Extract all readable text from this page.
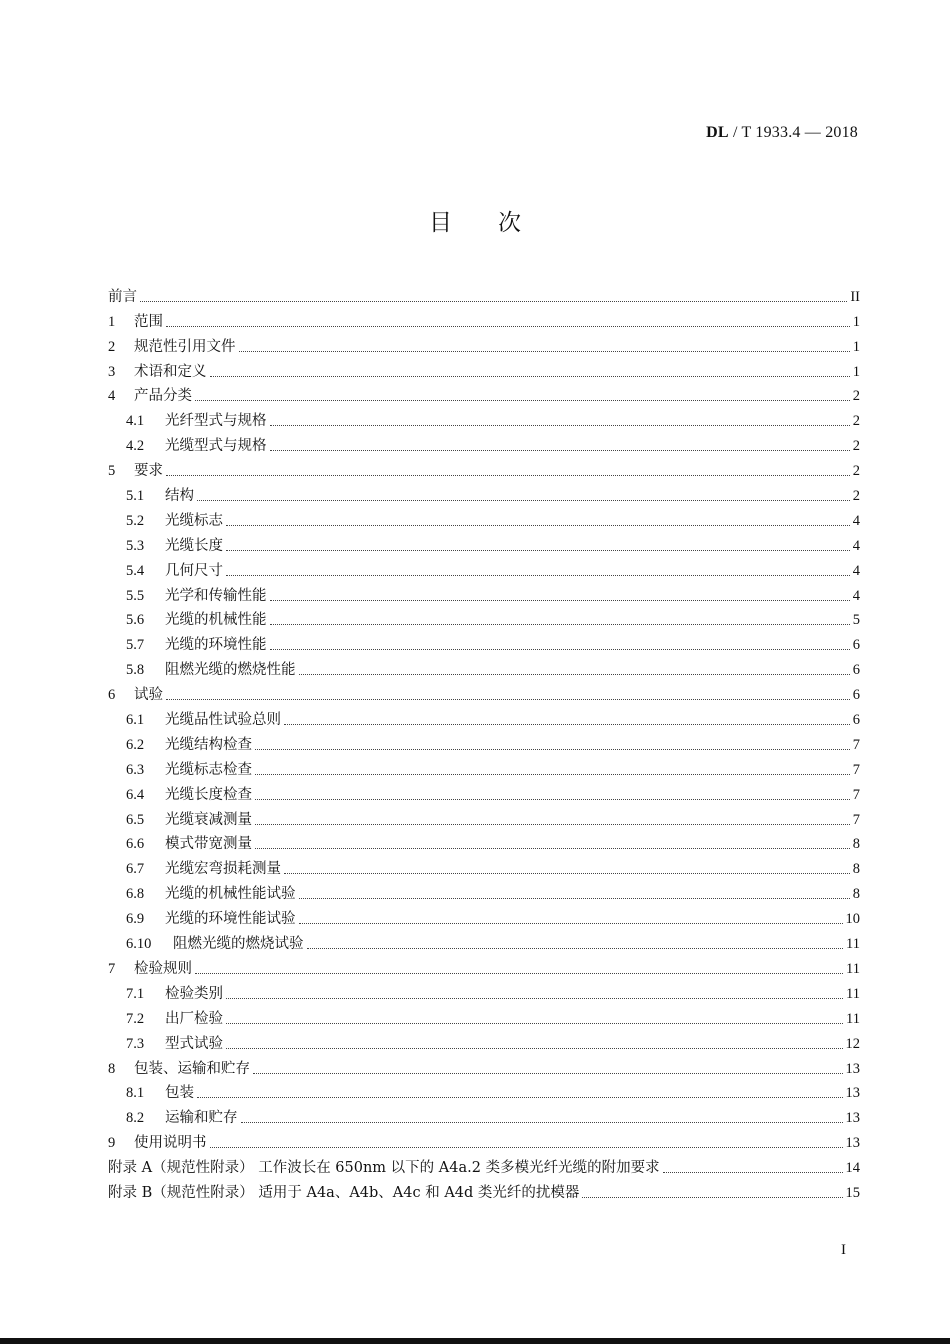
DL / T 1933.4 — 2018
目次
前言	II
1	范围	1
2	规范性引用文件	1
3	术语和定义	1
4	产品分类	2
4.1	光纤型式与规格	2
4.2	光缆型式与规格	2
5	要求	2
5.1	结构	2
5.2	光缆标志	4
5.3	光缆长度	4
5.4	几何尺寸	4
5.5	光学和传输性能	4
5.6	光缆的机械性能	5
5.7	光缆的环境性能	6
5.8	阻燃光缆的燃烧性能	6
6	试验	6
6.1	光缆品性试验总则	6
6.2	光缆结构检查	7
6.3	光缆标志检查	7
6.4	光缆长度检查	7
6.5	光缆衰减测量	7
6.6	模式带宽测量	8
6.7	光缆宏弯损耗测量	8
6.8	光缆的机械性能试验	8
6.9	光缆的环境性能试验	10
6.10	阻燃光缆的燃烧试验	11
7	检验规则	11
7.1	检验类别	11
7.2	出厂检验	11
7.3	型式试验	12
8	包装、运输和贮存	13
8.1	包装	13
8.2	运输和贮存	13
9	使用说明书	13
附录 A（规范性附录） 工作波长在 650nm 以下的 A4a.2 类多模光纤光缆的附加要求	14
附录 B（规范性附录） 适用于 A4a、A4b、A4c 和 A4d 类光纤的扰模器	15
I
